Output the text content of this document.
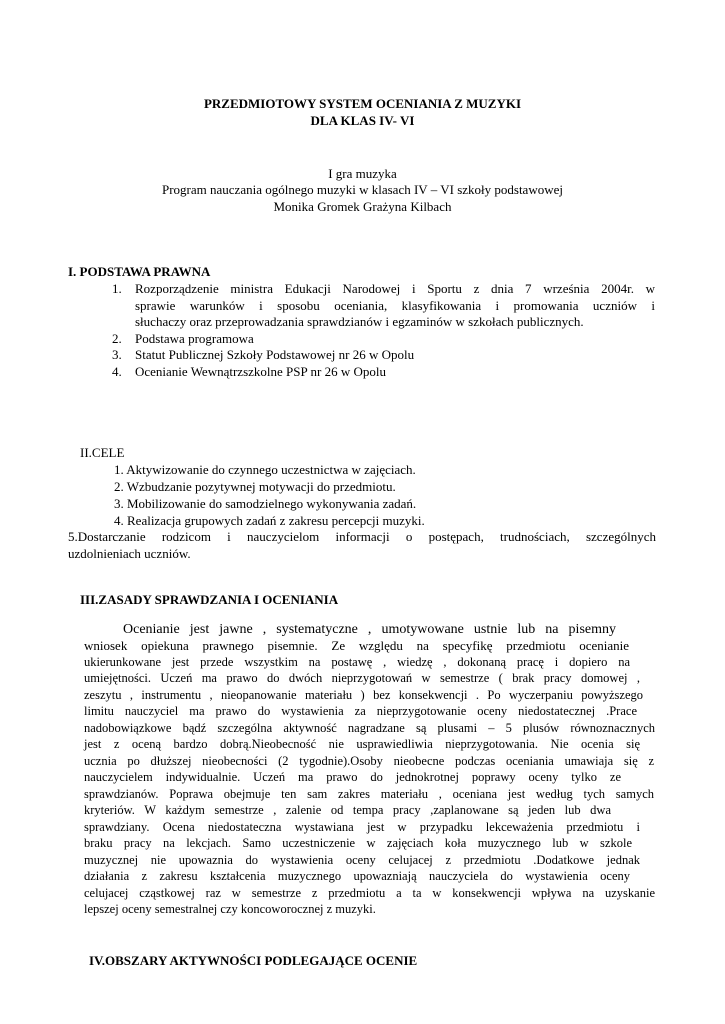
PRZEDMIOTOWY SYSTEM OCENIANIA Z MUZYKI
DLA KLAS IV- VI
I gra muzyka
Program nauczania ogólnego muzyki w klasach IV – VI szkoły podstawowej
Monika Gromek Grażyna Kilbach
I. PODSTAWA PRAWNA
1. Rozporządzenie ministra Edukacji Narodowej i Sportu z dnia 7 września 2004r. w
sprawie warunków i sposobu oceniania, klasyfikowania i promowania uczniów i
słuchaczy oraz przeprowadzania sprawdzianów i egzaminów w szkołach publicznych.
2. Podstawa programowa
3. Statut Publicznej Szkoły Podstawowej nr 26 w Opolu
4. Ocenianie Wewnątrzszkolne PSP nr 26 w Opolu
II.CELE
1. Aktywizowanie do czynnego uczestnictwa w zajęciach.
2. Wzbudzanie pozytywnej motywacji do przedmiotu.
3. Mobilizowanie do samodzielnego wykonywania zadań.
4. Realizacja grupowych zadań z zakresu percepcji muzyki.
5.Dostarczanie rodzicom i nauczycielom informacji o postępach, trudnościach, szczególnych
uzdolnieniach uczniów.
III.ZASADY SPRAWDZANIA I OCENIANIA
Ocenianie jest jawne , systematyczne , umotywowane ustnie lub na pisemny
wniosek opiekuna prawnego pisemnie. Ze względu na specyfikę przedmiotu ocenianie
ukierunkowane jest przede wszystkim na postawę , wiedzę , dokonaną pracę i dopiero na
umiejętności. Uczeń ma prawo do dwóch nieprzygotowań w semestrze ( brak pracy domowej ,
zeszytu , instrumentu , nieopanowanie materiału ) bez konsekwencji . Po wyczerpaniu powyższego
limitu nauczyciel ma prawo do wystawienia za nieprzygotowanie oceny niedostatecznej .Prace
nadobowiązkowe bądź szczególna aktywność nagradzane są plusami – 5 plusów równoznacznych
jest z oceną bardzo dobrą.Nieobecność nie usprawiedliwia nieprzygotowania. Nie ocenia się
ucznia po dłuższej nieobecności (2 tygodnie).Osoby nieobecne podczas oceniania umawiaja się z
nauczycielem indywidualnie. Uczeń ma prawo do jednokrotnej poprawy oceny tylko ze
sprawdzianów. Poprawa obejmuje ten sam zakres materiału , oceniana jest według tych samych
kryteriów. W każdym semestrze , zalenie od tempa pracy ,zaplanowane są jeden lub dwa
sprawdziany. Ocena niedostateczna wystawiana jest w przypadku lekceważenia przedmiotu i
braku pracy na lekcjach. Samo uczestniczenie w zajęciach koła muzycznego lub w szkole
muzycznej nie upowaznia do wystawienia oceny celujacej z przedmiotu .Dodatkowe jednak
działania z zakresu kształcenia muzycznego upowazniają nauczyciela do wystawienia oceny
celujacej cząstkowej raz w semestrze z przedmiotu a ta w konsekwencji wpływa na uzyskanie
lepszej oceny semestralnej czy koncoworocznej z muzyki.
IV.OBSZARY AKTYWNOŚCI PODLEGAJĄCE OCENIE
